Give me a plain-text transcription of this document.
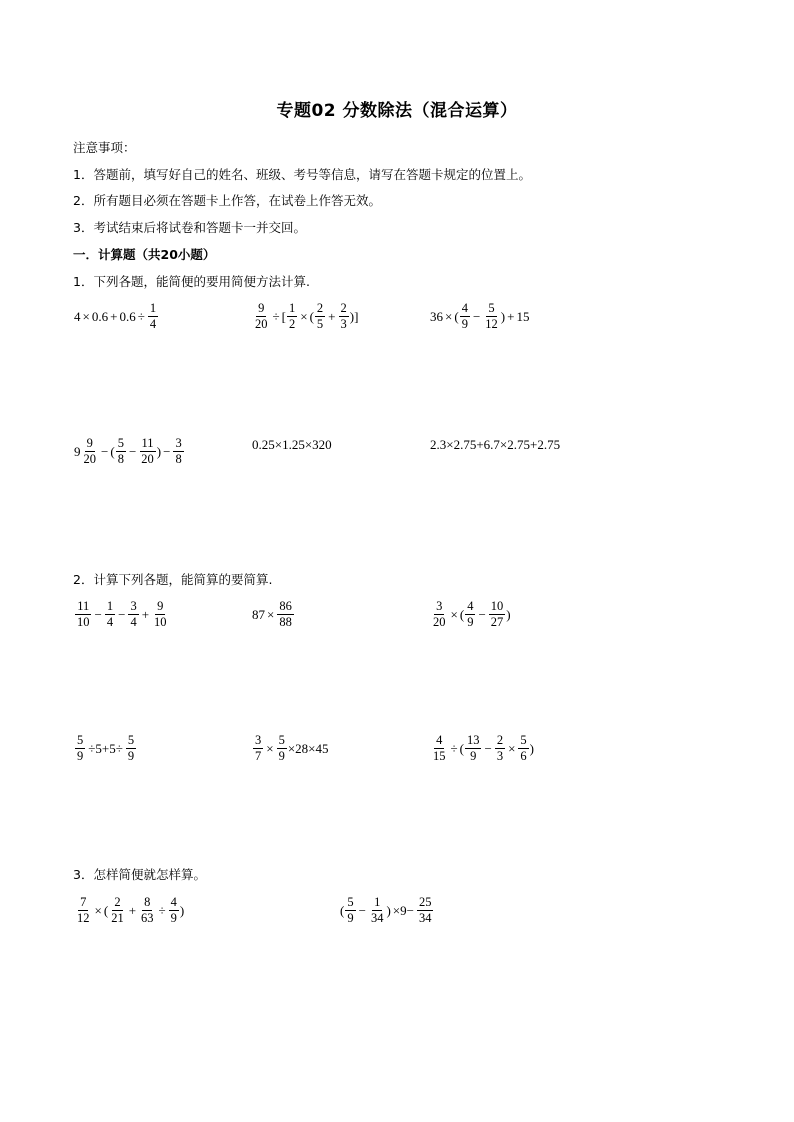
专题02 分数除法（混合运算）
注意事项：
1．答题前，填写好自己的姓名、班级、考号等信息，请写在答题卡规定的位置上。
2．所有题目必须在答题卡上作答，在试卷上作答无效。
3．考试结束后将试卷和答题卡一并交回。
一．计算题（共20小题）
1．下列各题，能简便的要用简便方法计算.
$4 \times 0.6 + 0.6 \div \frac{1}{4}$	$\frac{9}{20}$ ÷ [ $\frac{1}{2}$ × ( $\frac{2}{5} + \frac{2}{3}$ ) ]	36 × ( $\frac{4}{9} - \frac{5}{12}$ ) + 15
$9 \frac{9}{20}$ − ( $\frac{5}{8} - \frac{11}{20}$ ) − $\frac{3}{8}$	0.25×1.25×320	2.3×2.75+6.7×2.75+2.75
2．计算下列各题，能简算的要简算.
$\frac{11}{10} - \frac{1}{4} - \frac{3}{4} + \frac{9}{10}$	$87 \times \frac{86}{88}$	$\frac{3}{20}$ × ( $\frac{4}{9} - \frac{10}{27}$ )
$\frac{5}{9} \div 5+5\div \frac{5}{9}$	$\frac{3}{7} \times \frac{5}{9} \times 28\times 45$	$\frac{4}{15}$ ÷ ( $\frac{13}{9} - \frac{2}{3} \times \frac{5}{6}$ )
3．怎样简便就怎样算。
$\frac{7}{12}$ × ( $\frac{2}{21} + \frac{8}{63} \div \frac{4}{9}$ )	( $\frac{5}{9} - \frac{1}{34}$ ) $\times 9- \frac{25}{34}$
